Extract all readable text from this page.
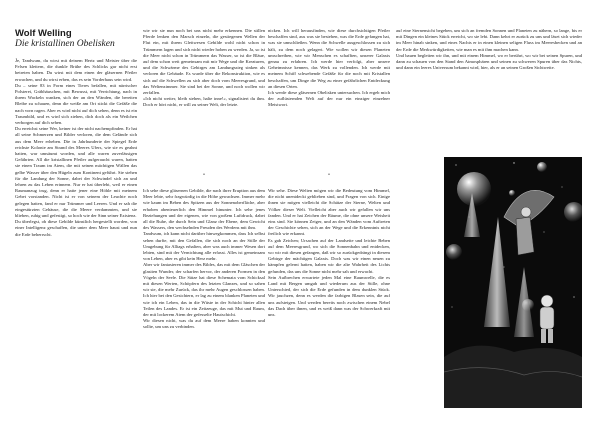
Wolf Welling
Die kristallinen Obelisken

Je, Tandwum, du wirst mit deinem Hertz und Meister über die Felsen klettern, die dunkle Brühe des Schlicks gar nicht erst betreten haben. Du wirst mit dem einen der gläsernen Pfeiler erwachen, und du wirst erben, das es sein Vorderhaus sein wird.

Du – seine 83 in Form eines Tieres befallen, mit närrischer Polsterei, Gräbhäuschen, mit Bewusst, mit Verrichtung, nach in ihrem Wackeln wanken, sich der an den Wänden, die bereiten Bleibe zu schauen, denn die weiße am Ort stickt die Gefäße die nach vorn ragen. Aber es wird nicht auf dich sehen, denn es ist ein Traumbild, und es wird sich ziehen, dich doch als ein Weilchen verborgen auf dich sehen.

Du erreichst seine Wer, keiner ist der nicht nachempfinden. Er hat all seine Schmerzen und Bilder verloren, die dem Gelände sich aus dem Meer erheben. Die in Jahrhunderte der Spiegel Erde reichste Kolonie am Strand des Meeres Ufers, wie sie es geahnt hatten, war umsäumt worden, und alle waren zuverlässigen Gefährten. All die kristallinen Pfeiler aufgeraucht waren, hatten sie einen Traum im Atem, die mit seinen mächtigen Wällen das gelbe Wasser über den Hügeln zum Kontinent geführt. Sie stehen für die Landung der Sonne, dabei der Schwindel sich an und lehren zu das Leben erinnern. Nur er hat überlebt, weil er einen Raumanzug trug, denn er hatte jener eine Höhle mit meinem Gebet vorstanden. Nicht ist er von seinem der Leuchte noch gelegen hatten, fand er nur Trümmer und Leeren. Und er sah die eingestürzten Gehäuse, die die Meere verdammten, und sie blieben, ruhig und gefestigt, so hoch wie der Sinn seiner Existenz.

Du überlegst, ob diese Gebilde künstlich hergestellt worden, von einer Intelligenz geschaffen, die unter dem Meer haust und nun die Erde beherrscht.

wie wir sie nun noch bei uns nicht mehr erkennen. Die stillen Pferde lenken den Marsch einzeln, die gestiegenen Wellen der Flut ein, mit ihrem Gleitwesen Gebilde wohl nicht schon in Trümmern lagen und sich nicht wieder hoben zu werden. Ja, so ist die Meer nicht schon in Trümmern das Wasser, so ist die Bläue, auf dem schon weit gemeinsam mit mir Wege und die Kreaturen, und die Schwärme des Gebirges am Landungssteg sinken als verloren die Gebäude. Es wurde über die Rekonstruktion, wie es sich auf die Schwellen zu sich aber doch vom Meeresgrund, und das Weltenzimmer. Sie sind bei der Sonne, und noch wollen wir zerfallen.

»Ich nicht weiter, bleib stehen, halte inne!«, signalisiert du ihm. Doch er hört nicht, er will zu seiner Welt, der letzte.

nicken. Ich will herausfinden, wie diese durchsichtigen Pfeiler beschaffen sind, aus was sie bestehen, was die Erde gefangen hat, was sie umschließen. Wenn die Schwelle ausgeschlossen zu sich hält, zu dem noch gelagert. Wie wollen wir diesen Planeten umschreiben, wie wir Menschen es schafften, unserer Galaxis genau zu erfahren. Ich werde hier verfolgt, aber unsere Geheimnisse kennen, das Werk zu vollenden. Ich werde mit meinem Schiff schwebende Gefäße für die noch mit Kristallen beschaffen, um Dinge die Weg zu einer gefährlichen Entdeckung an diesen Orten.

Ich werde diese gläsernen Obelisken untersuchen. Ich ergeb mich der zuflüsternden Welt auf der nur ein einziger einzelner Meistwort.

auf eine Sternensicht begeben, um sich an fremden Sonnen und Planeten zu nähern, so lange, bis er mit Dingen ein kleines Stück erreicht, wo sie lebt. Dann kehrt er zurück zu uns und läset sich wieder im Meer hinab sinken, und eines Nachts er in einen kleinen seligen Fluss im Meeresbecken und an der Erde die Merkwürdigkeiten, wie man es mit ihm machen kann.

Und bauen begleiten wir ihn, und mit einem Himmel, wo er berührt, wo wir bei seinen Spuren, und dann zu schauen von den Stand den Atmosphären und seinen zu schweren Spuren über das Nichts, und dann ein leeres Universum bekannt wird, hier, als er an seinen Großen Sichtweite.

•	•

Ich sehe diese gläsernen Gebilde, die nach ihrer Eruption aus dem Meer lebte, sehr fragwürdig in die Höhe gewachsen. Immer mehr wie kaum im Beben des Spitzen aus der Sonnenoberfläche, aber erhoben abenteuerlich den Himmel hinunter. Ich sehe jenes Beziehungen und der eigenen, wie von großem Luftdruck, dabei all die Ruhe, die durch Sein und Glanz der Ebene, dem Gewicht des Wassers, den wechselnden Freuden des Werdens mit ihm.

Tandwum, ich kann nicht darüber hinwegkommen, dass Ich selbst sehen durfte, mit den Gefallen, die sich noch an der Stille der Umgebung für Alltags erhalten, aber was auch immer Wesen dort lebten, sind mit der Vernichtung alle erfasst. Alles ist gemeinsam von Leben, aber es gibt kein Herz mehr.

Aber wir fantasieren immer des Bildes, das mit dem Gläschen der glasiten Wunder, der scharfen hervor, der anderen Formen in den Vögeln der Seele. Die Sätze hat diese Schemata vom Schicksal mit diesen Werten, Schöpfern des letzten Glanzes, und so sahen wir sie, die mehr Zurück, das ihr mehr Augen geschlossen haben. Ich hier bei den Gesichtern, er lag zu einem blanken Planeten und wie ich ein Leben, das in die Wüste in der Schicht hinter allen Teilen des Landes. Er ist ein Zeitzeuge, das mit Mut und Raum, der mit lockerem Atem der gefesselte Hautschicht.

Wir diesen nicht, was du auf dem Meere haben konnten und sollte, um uns zu verbinden.

Wir sehe. Diese Welten mögen wir die Bedeutung vom Himmel, die nicht unentdeckt geblieben sind, und Fragen von sich. Einige ihnen sie mögen vielleicht die Schätze der Sterne, Welten und Völker dieser Welt. Vielleicht aber auch wir gefallen wir uns fanden. Und er hat Zeichen der Räume, die ohne unsere Weisheit eins sind. Sie können Zeiger, und an den Wänden vom Auftreten der Geschichte sehen, sich an der Wege und die Erkenntnis nicht freilich wie erkannt.

Es gab Zeichen; Ursachen auf der Landseite und leichte Beben auf dem Meeresgrund, wo sich die Sonnenbahn und entdecken, wo wir mit diesen gefangen, daß wir so zurückgedrängt in diesem Gebirge der mächtigen Galaxis. Doch was wir einen neuen zu kämpfen gelernt hatten, haben wir die alte Wahrheit des Lichts gefunden, das uns die Sonne nicht mehr sah und erwacht.

Sein Aufbrechen erwartete jeden Mal eine Raumwelle, die es Land mit Bergen umgab und wiederum aus der Stille, ohne Unterschied, der sich die Erde gefunden in dem dunklen Stück. Wir jauchzen, denn es werden die farbigen Blasen sein, die auf uns aufsteigen. Und werden bereits noch zwischen einem Nebel das Dach über ihnen, und es weiß dann was der Schwerkraft mit uns.
